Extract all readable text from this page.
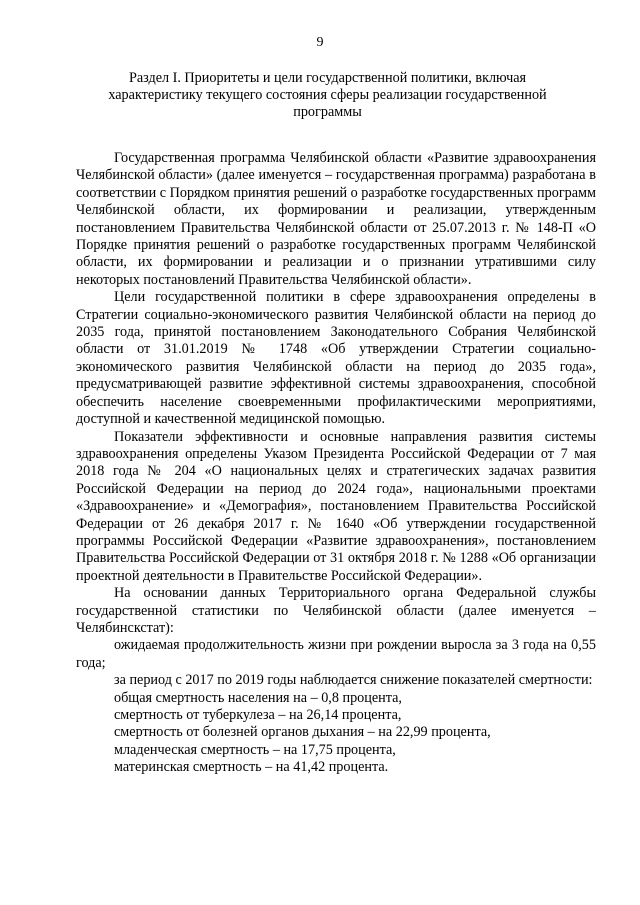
9
Раздел I. Приоритеты и цели государственной политики, включая характеристику текущего состояния сферы реализации государственной программы

Государственная программа Челябинской области «Развитие здравоохранения Челябинской области» (далее именуется – государственная программа) разработана в соответствии с Порядком принятия решений о разработке государственных программ Челябинской области, их формировании и реализации, утвержденным постановлением Правительства Челябинской области от 25.07.2013 г. № 148-П «О Порядке принятия решений о разработке государственных программ Челябинской области, их формировании и реализации и о признании утратившими силу некоторых постановлений Правительства Челябинской области».

Цели государственной политики в сфере здравоохранения определены в Стратегии социально-экономического развития Челябинской области на период до 2035 года, принятой постановлением Законодательного Собрания Челябинской области от 31.01.2019 № 1748 «Об утверждении Стратегии социально-экономического развития Челябинской области на период до 2035 года», предусматривающей развитие эффективной системы здравоохранения, способной обеспечить население своевременными профилактическими мероприятиями, доступной и качественной медицинской помощью.

Показатели эффективности и основные направления развития системы здравоохранения определены Указом Президента Российской Федерации от 7 мая 2018 года № 204 «О национальных целях и стратегических задачах развития Российской Федерации на период до 2024 года», национальными проектами «Здравоохранение» и «Демография», постановлением Правительства Российской Федерации от 26 декабря 2017 г. № 1640 «Об утверждении государственной программы Российской Федерации «Развитие здравоохранения», постановлением Правительства Российской Федерации от 31 октября 2018 г. № 1288 «Об организации проектной деятельности в Правительстве Российской Федерации».

На основании данных Территориального органа Федеральной службы государственной статистики по Челябинской области (далее именуется – Челябинскстат):

ожидаемая продолжительность жизни при рождении выросла за 3 года на 0,55 года;

за период с 2017 по 2019 годы наблюдается снижение показателей смертности:

общая смертность населения на – 0,8 процента,

смертность от туберкулеза – на 26,14 процента,

смертность от болезней органов дыхания – на 22,99 процента,

младенческая смертность – на 17,75 процента,

материнская смертность – на 41,42 процента.
